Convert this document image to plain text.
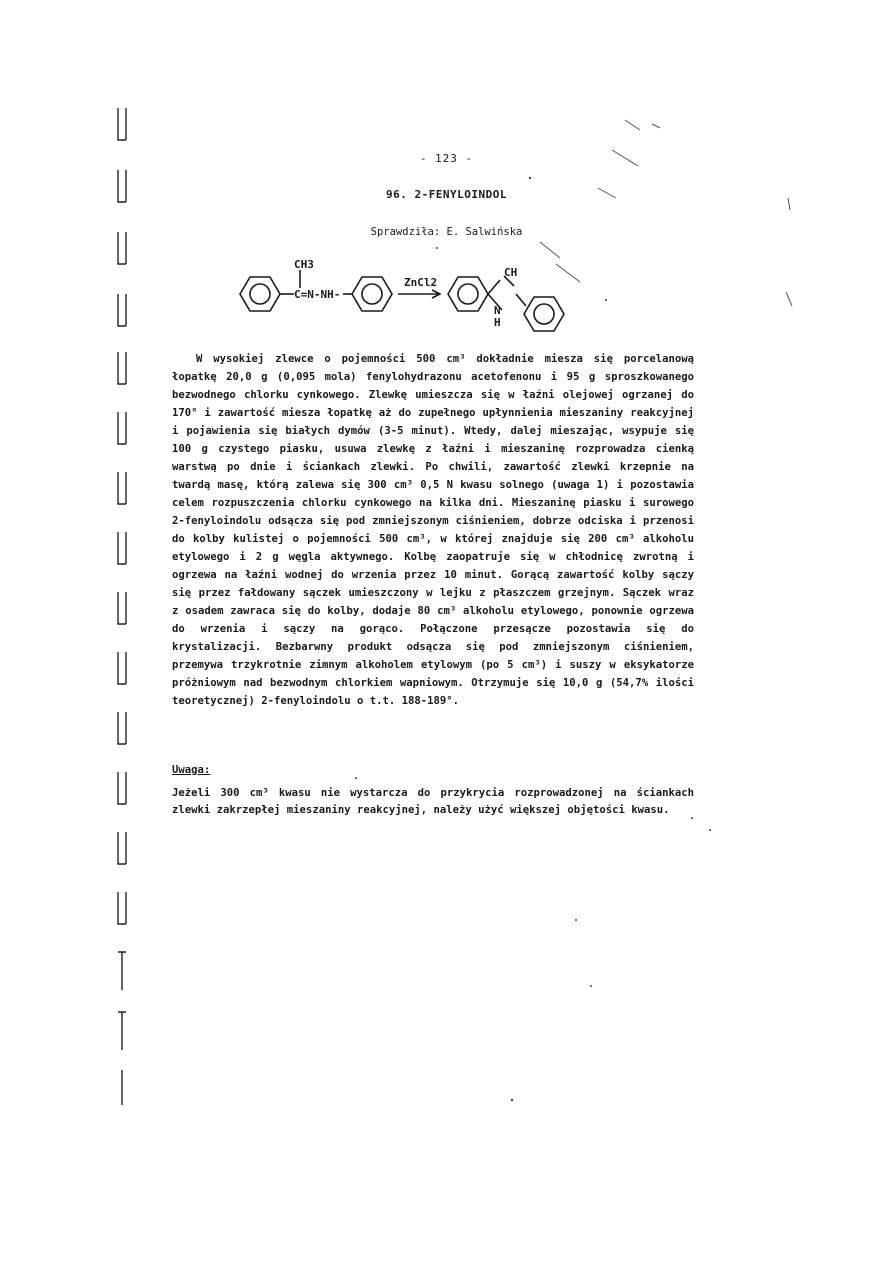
- 123 -
96. 2-FENYLOINDOL
Sprawdziła: E. Salwińska
CH3
C=N-NH-
ZnCl2
CH
N
H

W wysokiej zlewce o pojemności 500 cm³ dokładnie miesza się porcelanową łopatkę 20,0 g (0,095 mola) fenylohydrazonu acetofenonu i 95 g sproszkowanego bezwodnego chlorku cynkowego. Zlewkę umieszcza się w łaźni olejowej ogrzanej do 170° i zawartość miesza łopatkę aż do zupełnego upłynnienia mieszaniny reakcyjnej i pojawienia się białych dymów (3-5 minut). Wtedy, dalej mieszając, wsypuje się 100 g czystego piasku, usuwa zlewkę z łaźni i mieszaninę rozprowadza cienką warstwą po dnie i ściankach zlewki. Po chwili, zawartość zlewki krzepnie na twardą masę, którą zalewa się 300 cm³ 0,5 N kwasu solnego (uwaga 1) i pozostawia celem rozpuszczenia chlorku cynkowego na kilka dni. Mieszaninę piasku i surowego 2-fenyloindolu odsącza się pod zmniejszonym ciśnieniem, dobrze odciska i przenosi do kolby kulistej o pojemności 500 cm³, w której znajduje się 200 cm³ alkoholu etylowego i 2 g węgla aktywnego. Kolbę zaopatruje się w chłodnicę zwrotną i ogrzewa na łaźni wodnej do wrzenia przez 10 minut. Gorącą zawartość kolby sączy się przez fałdowany sączek umieszczony w lejku z płaszczem grzejnym. Sączek wraz z osadem zawraca się do kolby, dodaje 80 cm³ alkoholu etylowego, ponownie ogrzewa do wrzenia i sączy na gorąco. Połączone przesącze pozostawia się do krystalizacji. Bezbarwny produkt odsącza się pod zmniejszonym ciśnieniem, przemywa trzykrotnie zimnym alkoholem etylowym (po 5 cm³) i suszy w eksykatorze próżniowym nad bezwodnym chlorkiem wapniowym. Otrzymuje się 10,0 g (54,7% ilości teoretycznej) 2-fenyloindolu o t.t. 188-189°.

Uwaga:
Jeżeli 300 cm³ kwasu nie wystarcza do przykrycia rozprowadzonej na ściankach zlewki zakrzepłej mieszaniny reakcyjnej, należy użyć większej objętości kwasu.
